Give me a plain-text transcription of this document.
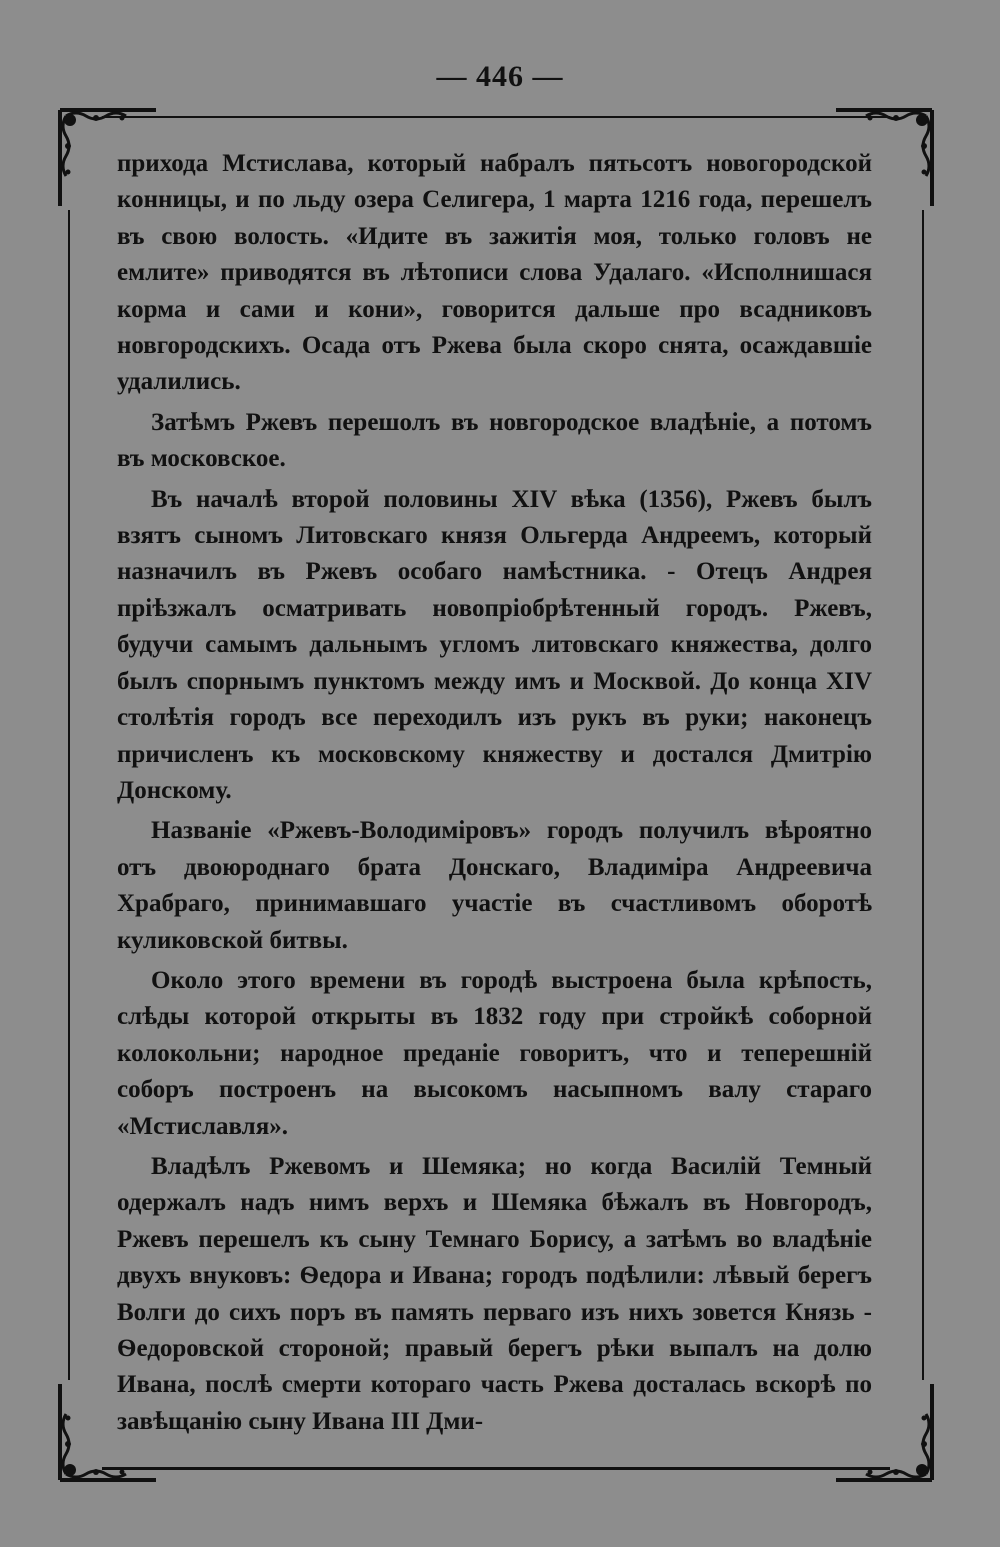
— 446 —

прихода Мстислава, который набралъ пятьсотъ новогородской конницы, и по льду озера Селигера, 1 марта 1216 года, перешелъ въ свою волость. «Идите въ зажитія моя, только головъ не емлите» приводятся въ лѣтописи слова Удалаго. «Исполнишася корма и сами и кони», говорится дальше про всадниковъ новгородскихъ. Осада отъ Ржева была скоро снята, осаждавшіе удалились.

Затѣмъ Ржевъ перешолъ въ новгородское владѣніе, а потомъ въ московское.

Въ началѣ второй половины XIV вѣка (1356), Ржевъ былъ взятъ сыномъ Литовскаго князя Ольгерда Андреемъ, который назначилъ въ Ржевъ особаго намѣстника. - Отецъ Андрея пріѣзжалъ осматривать новопріобрѣтенный городъ. Ржевъ, будучи самымъ дальнымъ угломъ литовскаго княжества, долго былъ спорнымъ пунктомъ между имъ и Москвой. До конца XIV столѣтія городъ все переходилъ изъ рукъ въ руки; наконецъ причисленъ къ московскому княжеству и достался Дмитрію Донскому.

Названіе «Ржевъ-Володиміровъ» городъ получилъ вѣроятно отъ двоюроднаго брата Донскаго, Владиміра Андреевича Храбраго, принимавшаго участіе въ счастливомъ оборотѣ куликовской битвы.

Около этого времени въ городѣ выстроена была крѣпость, слѣды которой открыты въ 1832 году при стройкѣ соборной колокольни; народное преданіе говоритъ, что и теперешній соборъ построенъ на высокомъ насыпномъ валу стараго «Мстиславля».

Владѣлъ Ржевомъ и Шемяка; но когда Василій Темный одержалъ надъ нимъ верхъ и Шемяка бѣжалъ въ Новгородъ, Ржевъ перешелъ къ сыну Темнаго Борису, а затѣмъ во владѣніе двухъ внуковъ: Ѳедора и Ивана; городъ подѣлили: лѣвый берегъ Волги до сихъ поръ въ память перваго изъ нихъ зовется Князь - Ѳедоровской стороной; правый берегъ рѣки выпалъ на долю Ивана, послѣ смерти котораго часть Ржева досталась вскорѣ по завѣщанію сыну Ивана III Дми-
